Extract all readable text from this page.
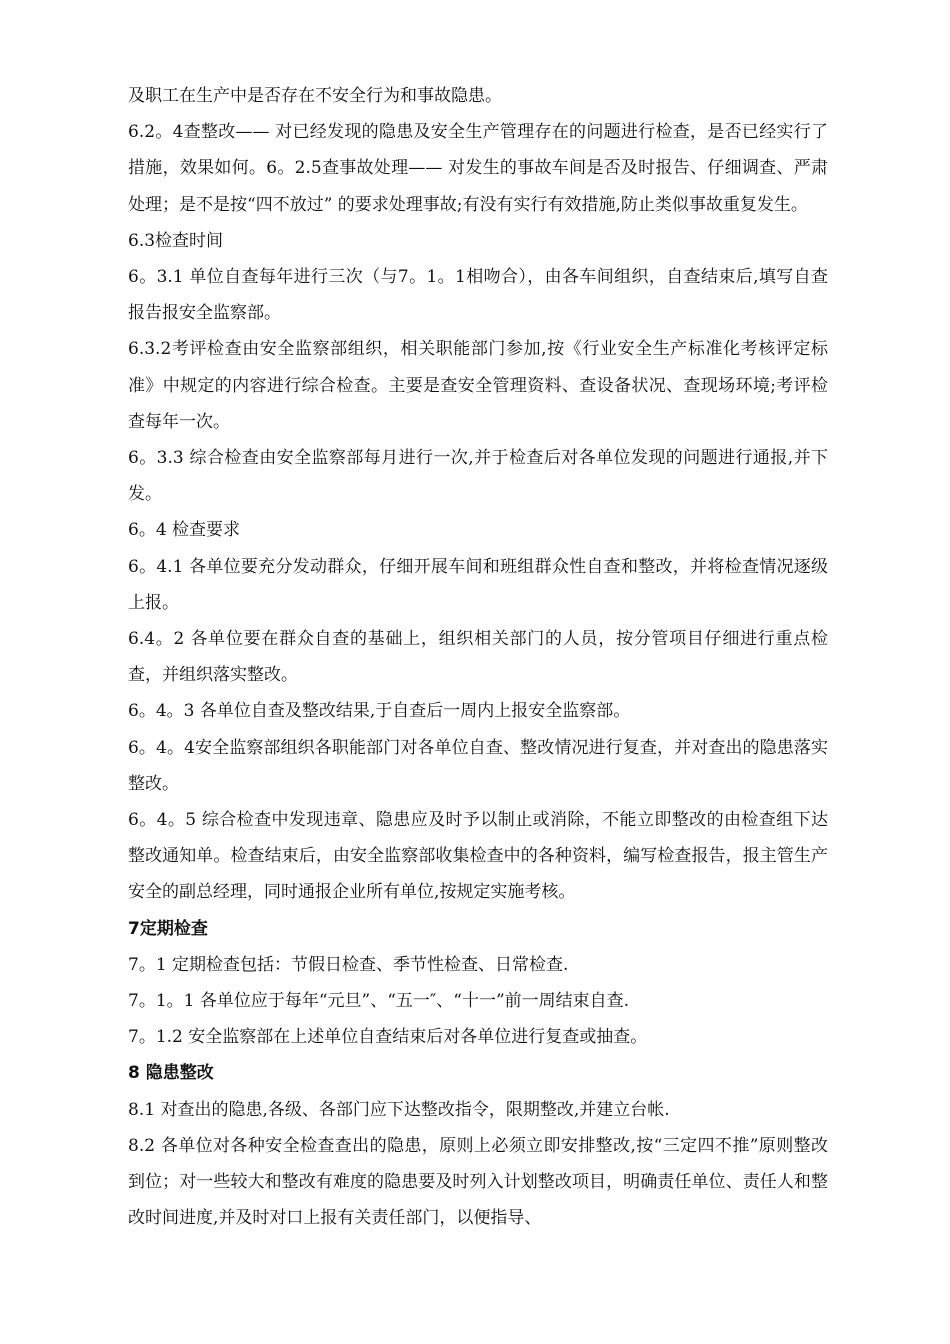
及职工在生产中是否存在不安全行为和事故隐患。

6.2。4查整改—— 对已经发现的隐患及安全生产管理存在的问题进行检查，是否已经实行了措施，效果如何。6。2.5查事故处理—— 对发生的事故车间是否及时报告、仔细调查、严肃处理；是不是按“四不放过” 的要求处理事故;有没有实行有效措施,防止类似事故重复发生。

6.3检查时间

6。3.1 单位自查每年进行三次（与7。1。1相吻合），由各车间组织，自查结束后,填写自查报告报安全监察部。

6.3.2考评检查由安全监察部组织，相关职能部门参加,按《行业安全生产标准化考核评定标准》中规定的内容进行综合检查。主要是查安全管理资料、查设备状况、查现场环境;考评检查每年一次。

6。3.3 综合检查由安全监察部每月进行一次,并于检查后对各单位发现的问题进行通报,并下发。

6。4 检查要求

6。4.1 各单位要充分发动群众，仔细开展车间和班组群众性自查和整改，并将检查情况逐级上报。

6.4。2 各单位要在群众自查的基础上，组织相关部门的人员，按分管项目仔细进行重点检查，并组织落实整改。

6。4。3 各单位自查及整改结果,于自查后一周内上报安全监察部。

6。4。4安全监察部组织各职能部门对各单位自查、整改情况进行复查，并对查出的隐患落实整改。

6。4。5 综合检查中发现违章、隐患应及时予以制止或消除，不能立即整改的由检查组下达整改通知单。检查结束后，由安全监察部收集检查中的各种资料，编写检查报告，报主管生产安全的副总经理，同时通报企业所有单位,按规定实施考核。

7定期检查

7。1 定期检查包括：节假日检查、季节性检查、日常检查.

7。1。1 各单位应于每年“元旦”、“五一″、“十一”前一周结束自查.

7。1.2 安全监察部在上述单位自查结束后对各单位进行复查或抽查。

8 隐患整改

8.1 对查出的隐患,各级、各部门应下达整改指令，限期整改,并建立台帐.

8.2 各单位对各种安全检查查出的隐患，原则上必须立即安排整改,按“三定四不推”原则整改到位；对一些较大和整改有难度的隐患要及时列入计划整改项目，明确责任单位、责任人和整改时间进度,并及时对口上报有关责任部门，以便指导、
